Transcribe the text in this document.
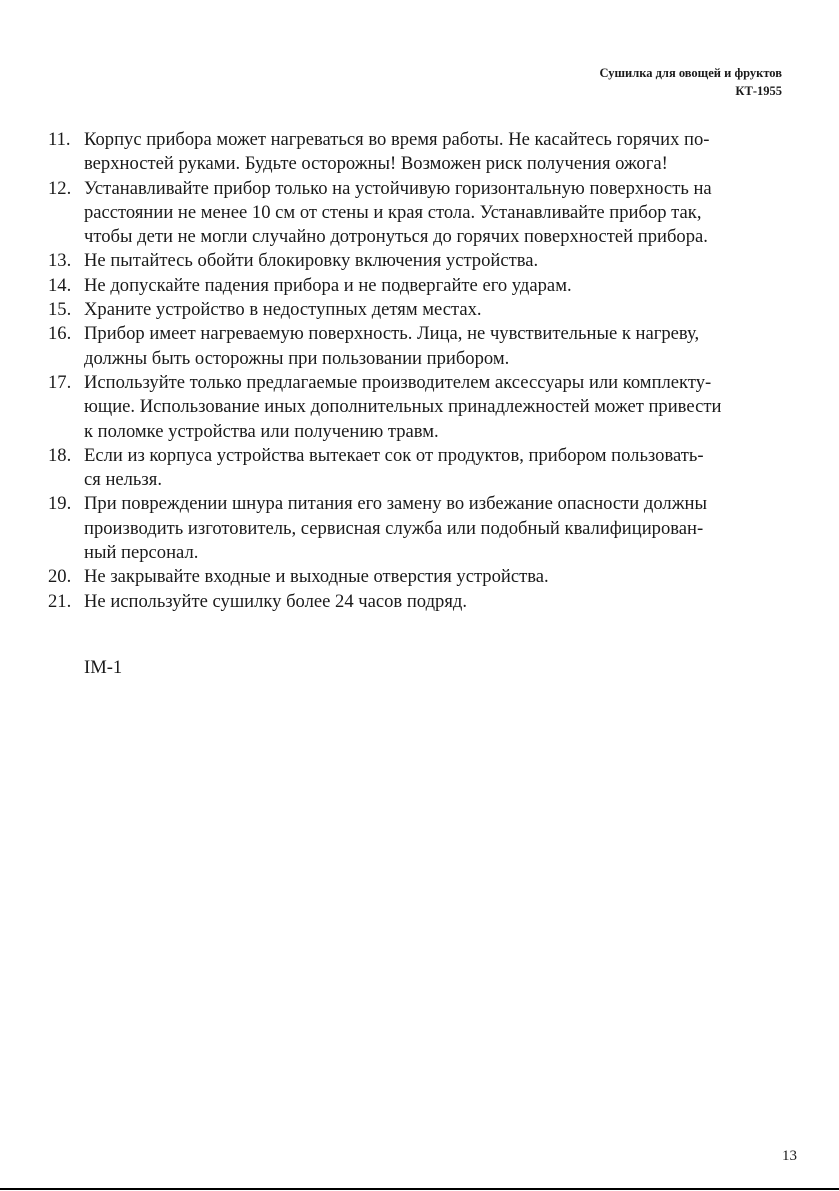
Сушилка для овощей и фруктов
КТ-1955
11. Корпус прибора может нагреваться во время работы. Не касайтесь горячих по-
верхностей руками. Будьте осторожны! Возможен риск получения ожога!
12. Устанавливайте прибор только на устойчивую горизонтальную поверхность на
расстоянии не менее 10 см от стены и края стола. Устанавливайте прибор так,
чтобы дети не могли случайно дотронуться до горячих поверхностей прибора.
13. Не пытайтесь обойти блокировку включения устройства.
14. Не допускайте падения прибора и не подвергайте его ударам.
15. Храните устройство в недоступных детям местах.
16. Прибор имеет нагреваемую поверхность. Лица, не чувствительные к нагреву,
должны быть осторожны при пользовании прибором.
17. Используйте только предлагаемые производителем аксессуары или комплекту-
ющие. Использование иных дополнительных принадлежностей может привести
к поломке устройства или получению травм.
18. Если из корпуса устройства вытекает сок от продуктов, прибором пользовать-
ся нельзя.
19. При повреждении шнура питания его замену во избежание опасности должны
производить изготовитель, сервисная служба или подобный квалифицирован-
ный персонал.
20. Не закрывайте входные и выходные отверстия устройства.
21. Не используйте сушилку более 24 часов подряд.
IM-1
13
